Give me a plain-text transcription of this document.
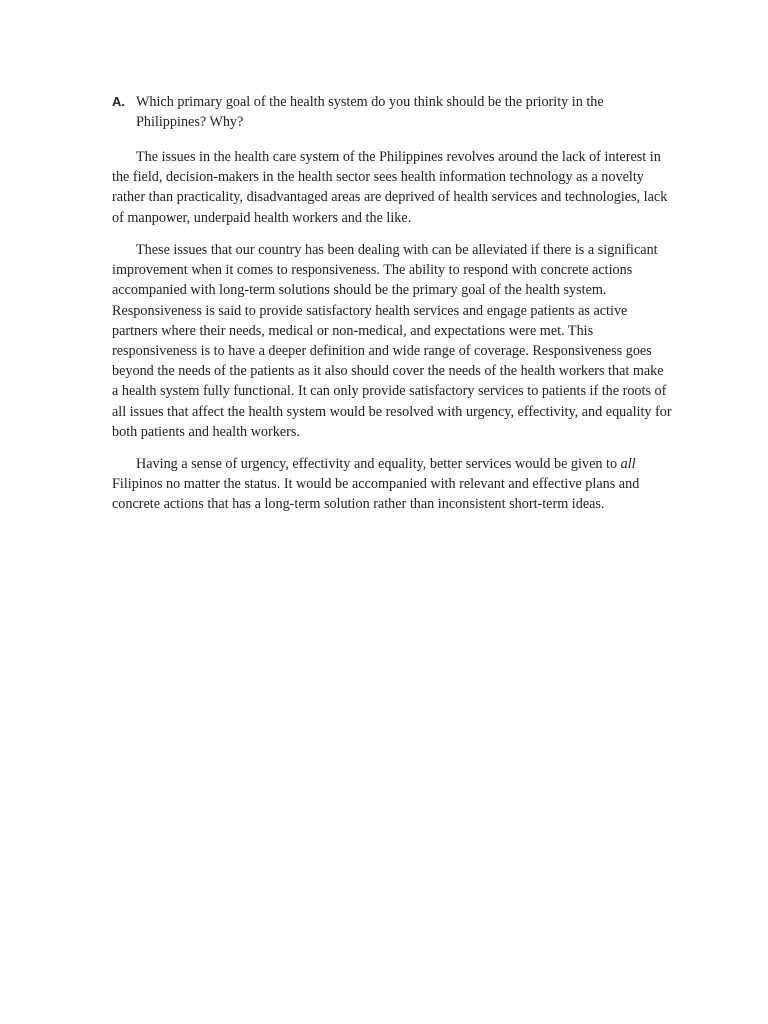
A. Which primary goal of the health system do you think should be the priority in the Philippines? Why?

The issues in the health care system of the Philippines revolves around the lack of interest in the field, decision-makers in the health sector sees health information technology as a novelty rather than practicality, disadvantaged areas are deprived of health services and technologies, lack of manpower, underpaid health workers and the like.

These issues that our country has been dealing with can be alleviated if there is a significant improvement when it comes to responsiveness. The ability to respond with concrete actions accompanied with long-term solutions should be the primary goal of the health system. Responsiveness is said to provide satisfactory health services and engage patients as active partners where their needs, medical or non-medical, and expectations were met. This responsiveness is to have a deeper definition and wide range of coverage. Responsiveness goes beyond the needs of the patients as it also should cover the needs of the health workers that make a health system fully functional. It can only provide satisfactory services to patients if the roots of all issues that affect the health system would be resolved with urgency, effectivity, and equality for both patients and health workers.

Having a sense of urgency, effectivity and equality, better services would be given to all Filipinos no matter the status. It would be accompanied with relevant and effective plans and concrete actions that has a long-term solution rather than inconsistent short-term ideas.
